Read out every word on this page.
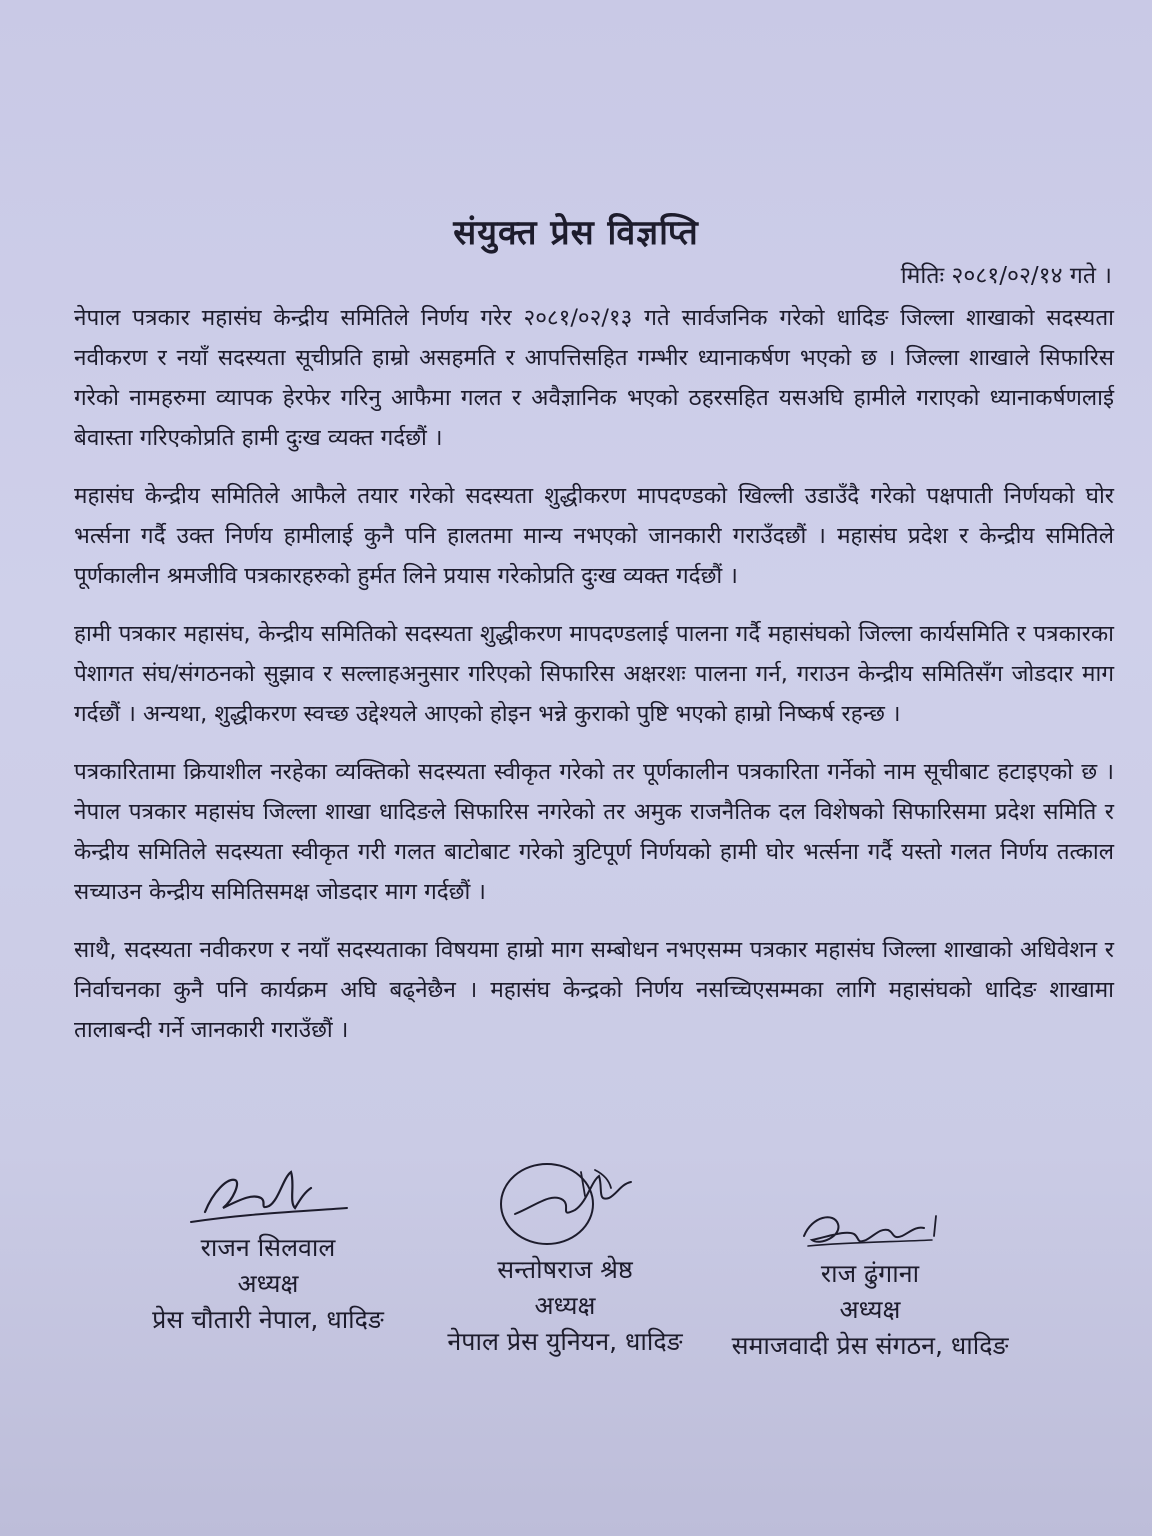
संयुक्त प्रेस विज्ञप्ति
मितिः २०८१/०२/१४ गते ।

नेपाल पत्रकार महासंघ केन्द्रीय समितिले निर्णय गरेर २०८१/०२/१३ गते सार्वजनिक गरेको धादिङ जिल्ला शाखाको सदस्यता नवीकरण र नयाँ सदस्यता सूचीप्रति हाम्रो असहमति र आपत्तिसहित गम्भीर ध्यानाकर्षण भएको छ । जिल्ला शाखाले सिफारिस गरेको नामहरुमा व्यापक हेरफेर गरिनु आफैमा गलत र अवैज्ञानिक भएको ठहरसहित यसअघि हामीले गराएको ध्यानाकर्षणलाई बेवास्ता गरिएकोप्रति हामी दुःख व्यक्त गर्दछौं ।

महासंघ केन्द्रीय समितिले आफैले तयार गरेको सदस्यता शुद्धीकरण मापदण्डको खिल्ली उडाउँदै गरेको पक्षपाती निर्णयको घोर भर्त्सना गर्दै उक्त निर्णय हामीलाई कुनै पनि हालतमा मान्य नभएको जानकारी गराउँदछौं । महासंघ प्रदेश र केन्द्रीय समितिले पूर्णकालीन श्रमजीवि पत्रकारहरुको हुर्मत लिने प्रयास गरेकोप्रति दुःख व्यक्त गर्दछौं ।

हामी पत्रकार महासंघ, केन्द्रीय समितिको सदस्यता शुद्धीकरण मापदण्डलाई पालना गर्दै महासंघको जिल्ला कार्यसमिति र पत्रकारका पेशागत संघ/संगठनको सुझाव र सल्लाहअनुसार गरिएको सिफारिस अक्षरशः पालना गर्न, गराउन केन्द्रीय समितिसँग जोडदार माग गर्दछौं । अन्यथा, शुद्धीकरण स्वच्छ उद्देश्यले आएको होइन भन्ने कुराको पुष्टि भएको हाम्रो निष्कर्ष रहन्छ ।

पत्रकारितामा क्रियाशील नरहेका व्यक्तिको सदस्यता स्वीकृत गरेको तर पूर्णकालीन पत्रकारिता गर्नेको नाम सूचीबाट हटाइएको छ । नेपाल पत्रकार महासंघ जिल्ला शाखा धादिङले सिफारिस नगरेको तर अमुक राजनैतिक दल विशेषको सिफारिसमा प्रदेश समिति र केन्द्रीय समितिले सदस्यता स्वीकृत गरी गलत बाटोबाट गरेको त्रुटिपूर्ण निर्णयको हामी घोर भर्त्सना गर्दै यस्तो गलत निर्णय तत्काल सच्याउन केन्द्रीय समितिसमक्ष जोडदार माग गर्दछौं ।

साथै, सदस्यता नवीकरण र नयाँ सदस्यताका विषयमा हाम्रो माग सम्बोधन नभएसम्म पत्रकार महासंघ जिल्ला शाखाको अधिवेशन र निर्वाचनका कुनै पनि कार्यक्रम अघि बढ्नेछैन । महासंघ केन्द्रको निर्णय नसच्चिएसम्मका लागि महासंघको धादिङ शाखामा तालाबन्दी गर्ने जानकारी गराउँछौं ।

राजन सिलवाल
अध्यक्ष
प्रेस चौतारी नेपाल, धादिङ
सन्तोषराज श्रेष्ठ
अध्यक्ष
नेपाल प्रेस युनियन, धादिङ
राज ढुंगाना
अध्यक्ष
समाजवादी प्रेस संगठन, धादिङ
